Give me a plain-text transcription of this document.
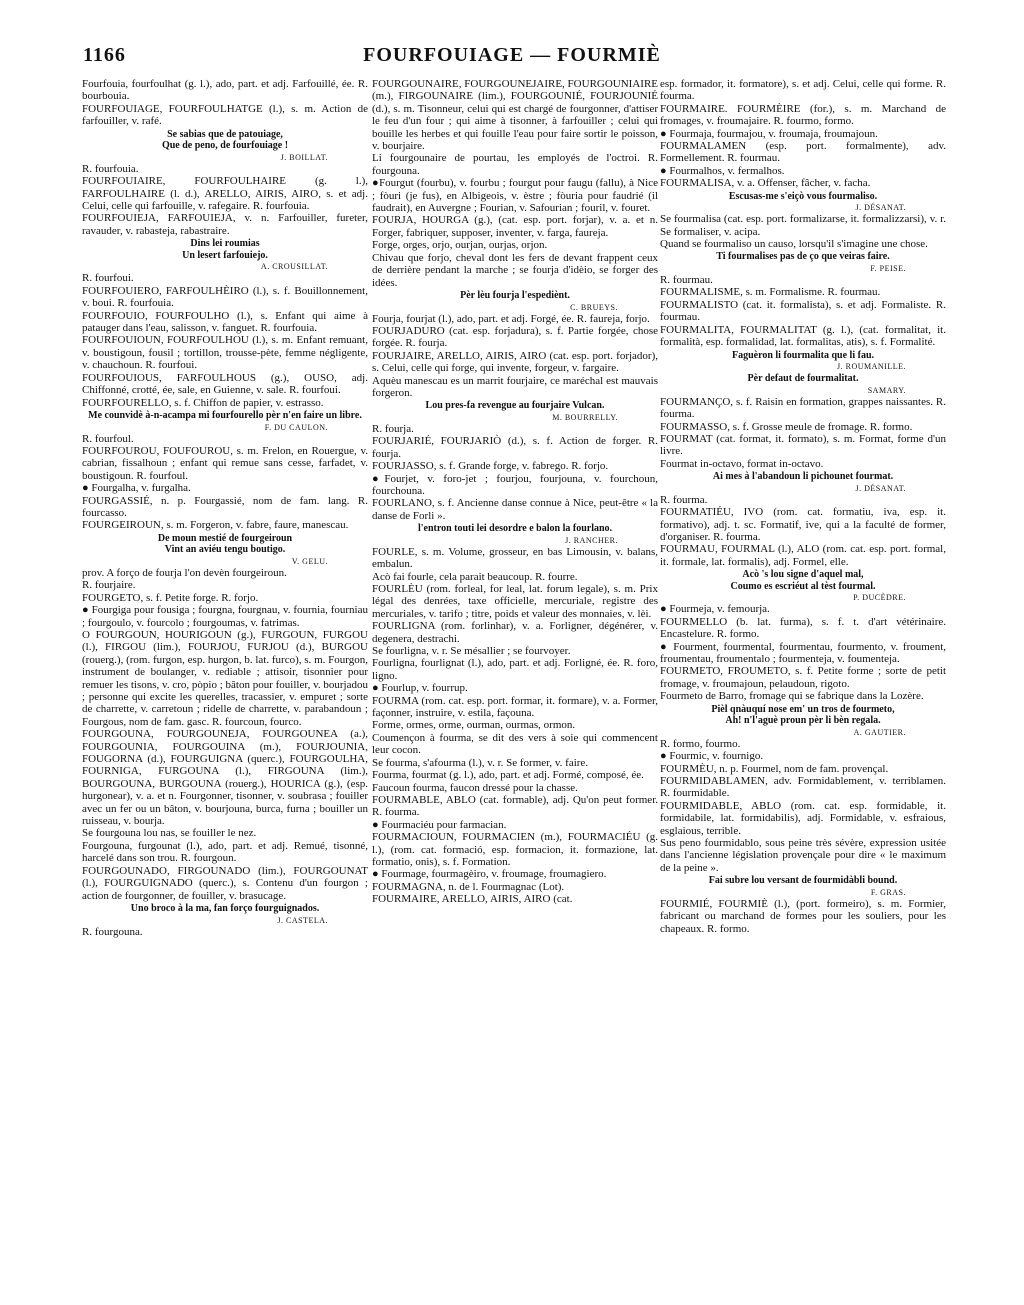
1166	FOURFOUIAGE — FOURMIÈ
Fourfouia, fourfoulhat (g. l.), ado, part. et adj. Farfouillé, ée. R. bourbouia.
FOURFOUIAGE, FOURFOULHATGE (l.), s. m. Action de farfouiller, v. rafé.
Se sabias que de patouiage,
Que de peno, de fourfouiage !
J. BOILLAT.
R. fourfouia.
FOURFOUIAIRE, FOURFOULHAIRE (g. l.), FARFOULHAIRE (l. d.), ARELLO, AIRIS, AIRO, s. et adj. Celui, celle qui farfouille, v. rafegaire. R. fourfouia.
FOURFOUIEJA, FARFOUIEJA, v. n. Farfouiller, fureter, ravauder, v. rabasteja, rabastraire.
Dins lei roumias
Un lesert farfouiejo.
A. CROUSILLAT.
R. fourfoui.
FOURFOUIERO, FARFOULHÈIRO (l.), s. f. Bouillonnement, v. boui. R. fourfouia.
FOURFOUIO, FOURFOULHO (l.), s. Enfant qui aime à patauger dans l'eau, salisson, v. fanguet. R. fourfouia.
FOURFOUIOUN, FOURFOULHOU (l.), s. m. Enfant remuant, v. boustigoun, fousil ; tortillon, trousse-pète, femme négligente, v. chauchoun. R. fourfoui.
FOURFOUIOUS, FARFOULHOUS (g.), OUSO, adj. Chiffonné, crotté, ée, sale, en Guienne, v. sale. R. fourfoui.
FOURFOURELLO, s. f. Chiffon de papier, v. estrasso.
Me counvidè à-n-acampa mi fourfourello pèr n'en faire un libre.
F. DU CAULON.
R. fourfoul.
FOURFOUROU, FOUFOUROU, s. m. Frelon, en Rouergue, v. cabrian, fissalhoun ; enfant qui remue sans cesse, farfadet, v. boustigoun. R. fourfoul.
● Fourgalha, v. furgalha.
FOURGASSIÉ, n. p. Fourgassié, nom de fam. lang. R. fourcasso.
FOURGEIROUN, s. m. Forgeron, v. fabre, faure, manescau.
De moun mestié de fourgeiroun
Vint an aviéu tengu boutigo.
V. GELU.
prov. A forço de fourja l'on devèn fourgeiroun.
R. fourjaire.
FOURGETO, s. f. Petite forge. R. forjo.
● Fourgiga pour fousiga ; fourgna, fourgnau, v. fournia, fourniau ; fourgoulo, v. fourcolo ; fourgoumas, v. fatrimas.
O FOURGOUN, HOURIGOUN (g.), FURGOUN, FURGOU (l.), FIRGOU (lim.), FOURJOU, FURJOU (d.), BURGOU (rouerg.), (rom. furgon, esp. hurgon, b. lat. furco), s. m. Fourgon, instrument de boulanger, v. rediable ; attisoir, tisonnier pour remuer les tisons, v. cro, pòpio ; bâton pour fouiller, v. bourjadou ; personne qui excite les querelles, tracassier, v. empuret ; sorte de charrette, v. carretoun ; ridelle de charrette, v. parabandoun ; Fourgous, nom de fam. gasc. R. fourcoun, fourco.
FOURGOUNA, FOURGOUNEJA, FOURGOUNEA (a.), FOURGOUNIA, FOURGOUINA (m.), FOURJOUNIA, FOUGORNA (d.), FOURGUIGNA (querc.), FOURGOULHA, FOURNIGA, FURGOUNA (l.), FIRGOUNA (lim.), BOURGOUNA, BURGOUNA (rouerg.), HOURICA (g.), (esp. hurgonear), v. a. et n. Fourgonner, tisonner, v. soubrasa ; fouiller avec un fer ou un bâton, v. bourjouna, burca, furna ; bouiller un ruisseau, v. bourja.
Se fourgouna lou nas, se fouiller le nez.
Fourgouna, furgounat (l.), ado, part. et adj. Remué, tisonné, harcelé dans son trou. R. fourgoun.
FOURGOUNADO, FIRGOUNADO (lim.), FOURGOUNAT (l.), FOURGUIGNADO (querc.), s. Contenu d'un fourgon ; action de fourgonner, de fouiller, v. brasucage.
Uno broco à la ma, fan forço fourguignados.
J. CASTELA.
R. fourgouna.
FOURGOUNAIRE, FOURGOUNEJAIRE, FOURGOUNIAIRE (m.), FIRGOUNAIRE (lim.), FOURGOUNIÉ, FOURJOUNIÉ (d.), s. m. Tisonneur, celui qui est chargé de fourgonner, d'attiser le feu d'un four ; qui aime à tisonner, à farfouiller ; celui qui bouille les herbes et qui fouille l'eau pour faire sortir le poisson, v. bourjaire.
Li fourgounaire de pourtau, les employés de l'octroi. R. fourgouna.
●Fourgut (fourbu), v. fourbu ; fourgut pour faugu (fallu), à Nice ; fòuri (je fus), en Albigeois, v. èstre ; fòuria pour faudrié (il faudrait), en Auvergne ; Fourian, v. Safourian ; fouril, v. fouret.
FOURJA, HOURGA (g.), (cat. esp. port. forjar), v. a. et n. Forger, fabriquer, supposer, inventer, v. farga, faureja.
Forge, orges, orjo, ourjan, ourjas, orjon.
Chivau que forjo, cheval dont les fers de devant frappent ceux de derrière pendant la marche ; se fourja d'idèio, se forger des idées.
Pèr lèu fourja l'espediènt.
C. BRUEYS.
Fourja, fourjat (l.), ado, part. et adj. Forgé, ée. R. faureja, forjo.
FOURJADURO (cat. esp. forjadura), s. f. Partie forgée, chose forgée. R. fourja.
FOURJAIRE, ARELLO, AIRIS, AIRO (cat. esp. port. forjador), s. Celui, celle qui forge, qui invente, forgeur, v. fargaire.
Aquèu manescau es un marrit fourjaire, ce maréchal est mauvais forgeron.
Lou pres-fa revengue au fourjaire Vulcan.
M. BOURRELLY.
R. fourja.
FOURJARIÉ, FOURJARIÒ (d.), s. f. Action de forger. R. fourja.
FOURJASSO, s. f. Grande forge, v. fabrego. R. forjo.
●Fourjet, v. foro-jet ; fourjou, fourjouna, v. fourchoun, fourchouna.
FOURLANO, s. f. Ancienne danse connue à Nice, peut-être « la danse de Forli ».
l'entron touti lei desordre e balon la fourlano.
J. RANCHER.
FOURLE, s. m. Volume, grosseur, en bas Limousin, v. balans, embalun.
Acò fai fourle, cela parait beaucoup. R. fourre.
FOURLÈU (rom. forleal, for leal, lat. forum legale), s. m. Prix légal des denrées, taxe officielle, mercuriale, registre des mercuriales, v. tarifo ; titre, poids et valeur des monnaies, v. lèi.
FOURLIGNA (rom. forlinhar), v. a. Forligner, dégénérer, v. degenera, destrachi.
Se fourligna, v. r. Se mésallier ; se fourvoyer.
Fourligna, fourlignat (l.), ado, part. et adj. Forligné, ée. R. foro, ligno.
● Fourlup, v. fourrup.
FOURMA (rom. cat. esp. port. formar, it. formare), v. a. Former, façonner, instruire, v. estila, façouna.
Forme, ormes, orme, ourman, ourmas, ormon.
Coumençon à fourma, se dit des vers à soie qui commencent leur cocon.
Se fourma, s'afourma (l.), v. r. Se former, v. faire.
Fourma, fourmat (g. l.), ado, part. et adj. Formé, composé, ée.
Faucoun fourma, faucon dressé pour la chasse.
FOURMABLE, ABLO (cat. formable), adj. Qu'on peut former. R. fourma.
● Fourmaciéu pour farmacian.
FOURMACIOUN, FOURMACIEN (m.), FOURMACIÉU (g. l.), (rom. cat. formació, esp. formacion, it. formazione, lat. formatio, onis), s. f. Formation.
● Fourmage, fourmagèiro, v. froumage, froumagiero.
FOURMAGNA, n. de l. Fourmagnac (Lot).
FOURMAIRE, ARELLO, AIRIS, AIRO (cat.
esp. formador, it. formatore), s. et adj. Celui, celle qui forme. R. fourma.
FOURMAIRE. FOURMÈIRE (for.), s. m. Marchand de fromages, v. froumajaire. R. fourmo, formo.
● Fourmaja, fourmajou, v. froumaja, froumajoun.
FOURMALAMEN (esp. port. formalmente), adv. Formellement. R. fourmau.
● Fourmalhos, v. fermalhos.
FOURMALISA, v. a. Offenser, fâcher, v. facha.
Escusas-me s'eiçò vous fourmaliso.
J. DÉSANAT.
Se fourmalisa (cat. esp. port. formalizarse, it. formalizzarsi), v. r. Se formaliser, v. acipa.
Quand se fourmaliso un causo, lorsqu'il s'imagine une chose.
Ti fourmalises pas de ço que veiras faire.
F. PEISE.
R. fourmau.
FOURMALISME, s. m. Formalisme. R. fourmau.
FOURMALISTO (cat. it. formalista), s. et adj. Formaliste. R. fourmau.
FOURMALITA, FOURMALITAT (g. l.), (cat. formalitat, it. formalità, esp. formalidad, lat. formalitas, atis), s. f. Formalité.
Faguèron li fourmalita que li fau.
J. ROUMANILLE.
Pèr defaut de fourmalitat.
SAMARY.
FOURMANÇO, s. f. Raisin en formation, grappes naissantes. R. fourma.
FOURMASSO, s. f. Grosse meule de fromage. R. formo.
FOURMAT (cat. format, it. formato), s. m. Format, forme d'un livre.
Fourmat in-octavo, format in-octavo.
Ai mes à l'abandoun li pichounet fourmat.
J. DÉSANAT.
R. fourma.
FOURMATIÉU, IVO (rom. cat. formatiu, iva, esp. it. formativo), adj. t. sc. Formatif, ive, qui a la faculté de former, d'organiser. R. fourma.
FOURMAU, FOURMAL (l.), ALO (rom. cat. esp. port. formal, it. formale, lat. formalis), adj. Formel, elle.
Acò 's lou signe d'aquel mal,
Coumo es escriéut al tèst fourmal.
P. DUCÈDRE.
● Fourmeja, v. femourja.
FOURMELLO (b. lat. furma), s. f. t. d'art vétérinaire. Encastelure. R. formo.
● Fourment, fourmental, fourmentau, fourmento, v. froument, froumentau, froumentalo ; fourmenteja, v. foumenteja.
FOURMETO, FROUMETO, s. f. Petite forme ; sorte de petit fromage, v. froumajoun, pelaudoun, rigoto.
Fourmeto de Barro, fromage qui se fabrique dans la Lozère.
Pièl qnàuquí nose em' un tros de fourmeto,
Ah! n'l'aguè proun pèr li bèn regala.
A. GAUTIER.
R. formo, fourmo.
● Fourmic, v. fournigo.
FOURMÈU, n. p. Fourmel, nom de fam. provençal.
FOURMIDABLAMEN, adv. Formidablement, v. terriblamen. R. fourmidable.
FOURMIDABLE, ABLO (rom. cat. esp. formidable, it. formidabile, lat. formidabilis), adj. Formidable, v. esfraious, esglaious, terrible.
Sus peno fourmidablo, sous peine très sévère, expression usitée dans l'ancienne législation provençale pour dire « le maximum de la peine ».
Fai subre lou versant de fourmidàbli bound.
F. GRAS.
FOURMIÉ, FOURMIÈ (l.), (port. formeiro), s. m. Formier, fabricant ou marchand de formes pour les souliers, pour les chapeaux. R. formo.
